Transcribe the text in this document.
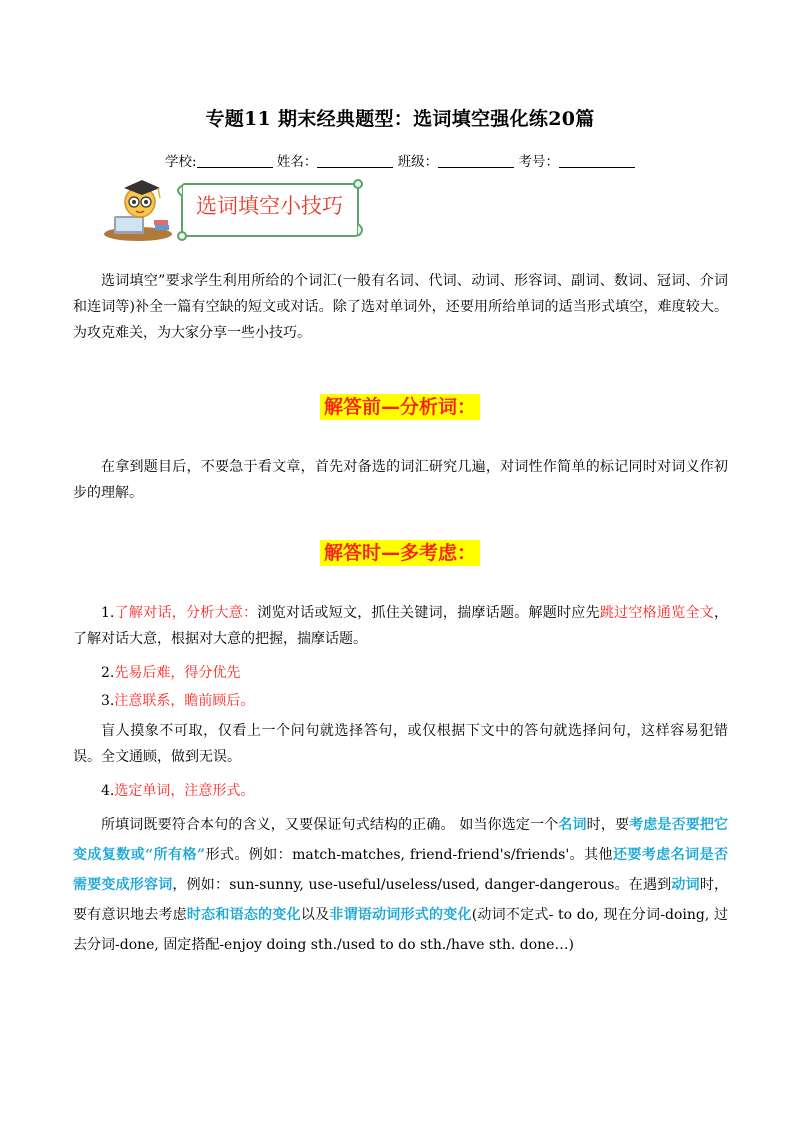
专题11 期末经典题型：选词填空强化练20篇
学校:	姓名：	班级：	考号：
选词填空小技巧
选词填空”要求学生利用所给的个词汇(一般有名词、代词、动词、形容词、副词、数词、冠词、介词和连词等)补全一篇有空缺的短文或对话。除了选对单词外，还要用所给单词的适当形式填空，难度较大。为攻克难关，为大家分享一些小技巧。
解答前—分析词：
在拿到题目后，不要急于看文章，首先对备选的词汇研究几遍，对词性作简单的标记同时对词义作初步的理解。
解答时—多考虑：
1.了解对话，分析大意：浏览对话或短文，抓住关键词，揣摩话题。解题时应先跳过空格通览全文，了解对话大意，根据对大意的把握，揣摩话题。
2.先易后难，得分优先
3.注意联系，瞻前顾后。
盲人摸象不可取，仅看上一个问句就选择答句，或仅根据下文中的答句就选择问句，这样容易犯错误。全文通顾，做到无误。
4.选定单词，注意形式。
所填词既要符合本句的含义，又要保证句式结构的正确。 如当你选定一个名词时，要考虑是否要把它变成复数或“所有格”形式。例如：match-matches, friend-friend's/friends'。其他还要考虑名词是否需要变成形容词，例如：sun-sunny, use-useful/useless/used, danger-dangerous。在遇到动词时，要有意识地去考虑时态和语态的变化以及非谓语动词形式的变化(动词不定式- to do, 现在分词-doing, 过去分词-done, 固定搭配-enjoy doing sth./used to do sth./have sth. done…)
